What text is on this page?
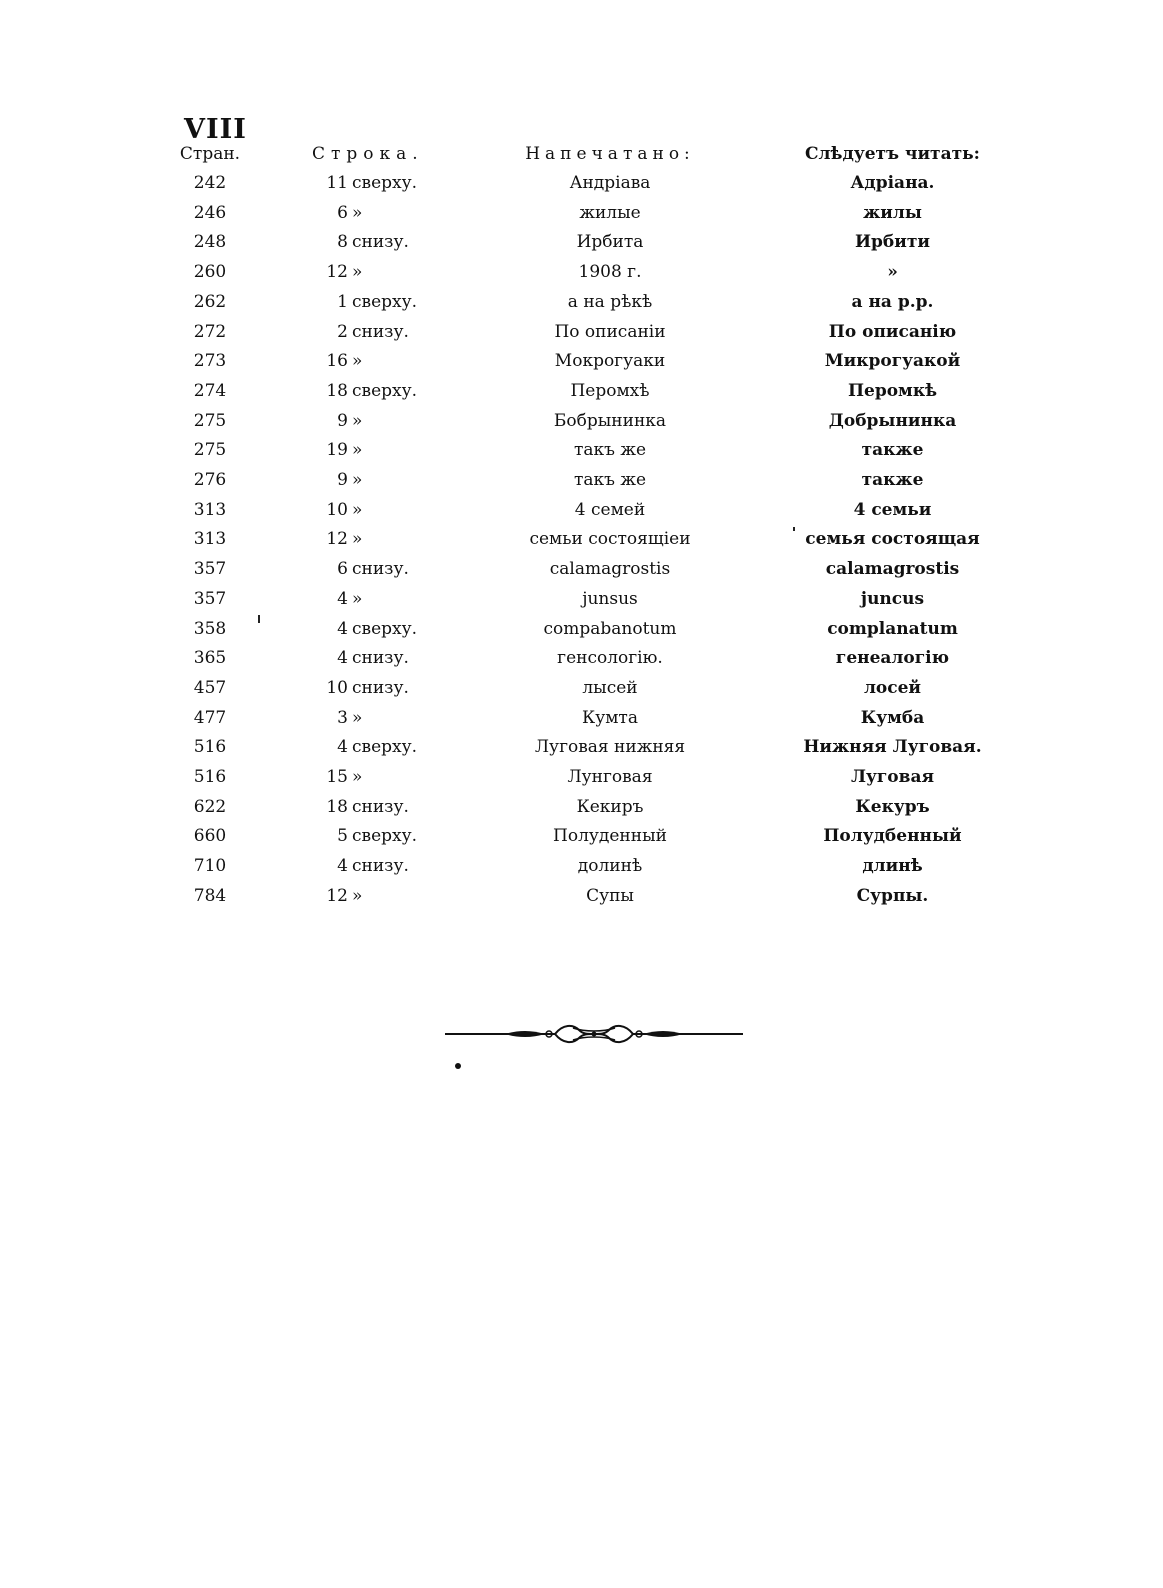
VIII
Стран.	Строка.	Напечатано:	Слѣдуетъ читать:
242	11 сверху.	Андріава	Адріана.
246	6 »	жилые	жилы
248	8 снизу.	Ирбита	Ирбити
260	12 »	1908 г.	»
262	1 сверху.	а на рѣкѣ	а на р.р.
272	2 снизу.	По описаніи	По описанію
273	16 »	Мокрогуаки	Микрогуакой
274	18 сверху.	Перомхѣ	Пеpомкѣ
275	9 »	Бобрынинка	Добрынинка
275	19 »	такъ же	также
276	9 »	такъ же	также
313	10 »	4 семей	4 семьи
313	12 »	семьи состоящіеи	семья состоящая
357	6 снизу.	calamagrostis	calamagrostis
357	4 »	junsus	juncus
358	4 сверху.	compabanotum	complanatum
365	4 снизу.	генсологію.	генеалогію
457	10 снизу.	лысей	лосей
477	3 »	Кумта	Кумба
516	4 сверху.	Луговая нижняя	Нижняя Луговая.
516	15 »	Лунговая	Луговая
622	18 снизу.	Кекиръ	Кекуръ
660	5 сверху.	Полуденный	Полудбенный
710	4 снизу.	долинѣ	длинѣ
784	12 »	Супы	Сурпы.
